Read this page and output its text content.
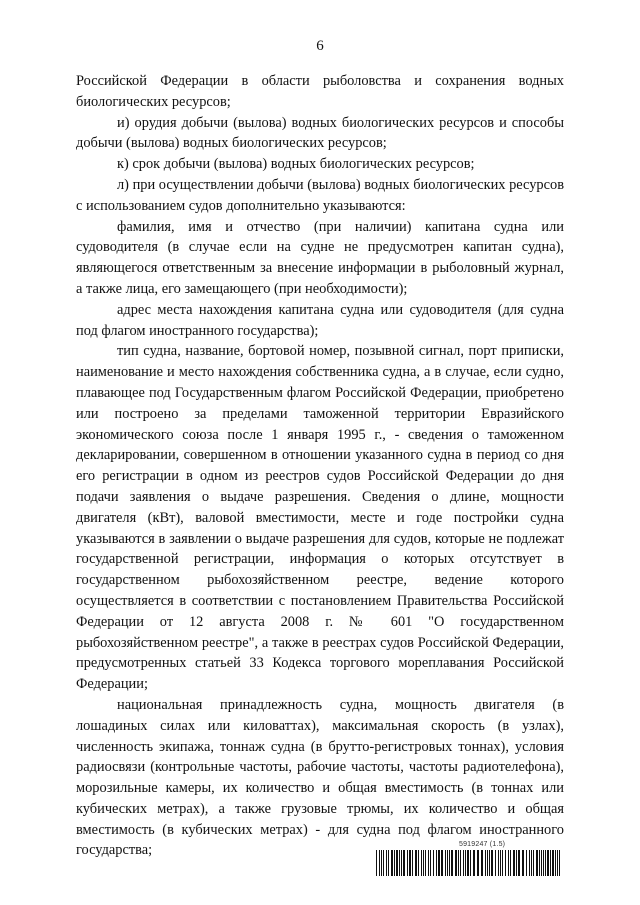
6

Российской Федерации в области рыболовства и сохранения водных биологических ресурсов;

и) орудия добычи (вылова) водных биологических ресурсов и способы добычи (вылова) водных биологических ресурсов;

к) срок добычи (вылова) водных биологических ресурсов;

л) при осуществлении добычи (вылова) водных биологических ресурсов с использованием судов дополнительно указываются:

фамилия, имя и отчество (при наличии) капитана судна или судоводителя (в случае если на судне не предусмотрен капитан судна), являющегося ответственным за внесение информации в рыболовный журнал, а также лица, его замещающего (при необходимости);

адрес места нахождения капитана судна или судоводителя (для судна под флагом иностранного государства);

тип судна, название, бортовой номер, позывной сигнал, порт приписки, наименование и место нахождения собственника судна, а в случае, если судно, плавающее под Государственным флагом Российской Федерации, приобретено или построено за пределами таможенной территории Евразийского экономического союза после 1 января 1995 г., - сведения о таможенном декларировании, совершенном в отношении указанного судна в период со дня его регистрации в одном из реестров судов Российской Федерации до дня подачи заявления о выдаче разрешения. Сведения о длине, мощности двигателя (кВт), валовой вместимости, месте и годе постройки судна указываются в заявлении о выдаче разрешения для судов, которые не подлежат государственной регистрации, информация о которых отсутствует в государственном рыбохозяйственном реестре, ведение которого осуществляется в соответствии с постановлением Правительства Российской Федерации от 12 августа 2008 г. № 601 "О государственном рыбохозяйственном реестре", а также в реестрах судов Российской Федерации, предусмотренных статьей 33 Кодекса торгового мореплавания Российской Федерации;

национальная принадлежность судна, мощность двигателя (в лошадиных силах или киловаттах), максимальная скорость (в узлах), численность экипажа, тоннаж судна (в брутто-регистровых тоннах), условия радиосвязи (контрольные частоты, рабочие частоты, частоты радиотелефона), морозильные камеры, их количество и общая вместимость (в тоннах или кубических метрах), а также грузовые трюмы, их количество и общая вместимость (в кубических метрах) - для судна под флагом иностранного государства;	5919247 (1.5)
